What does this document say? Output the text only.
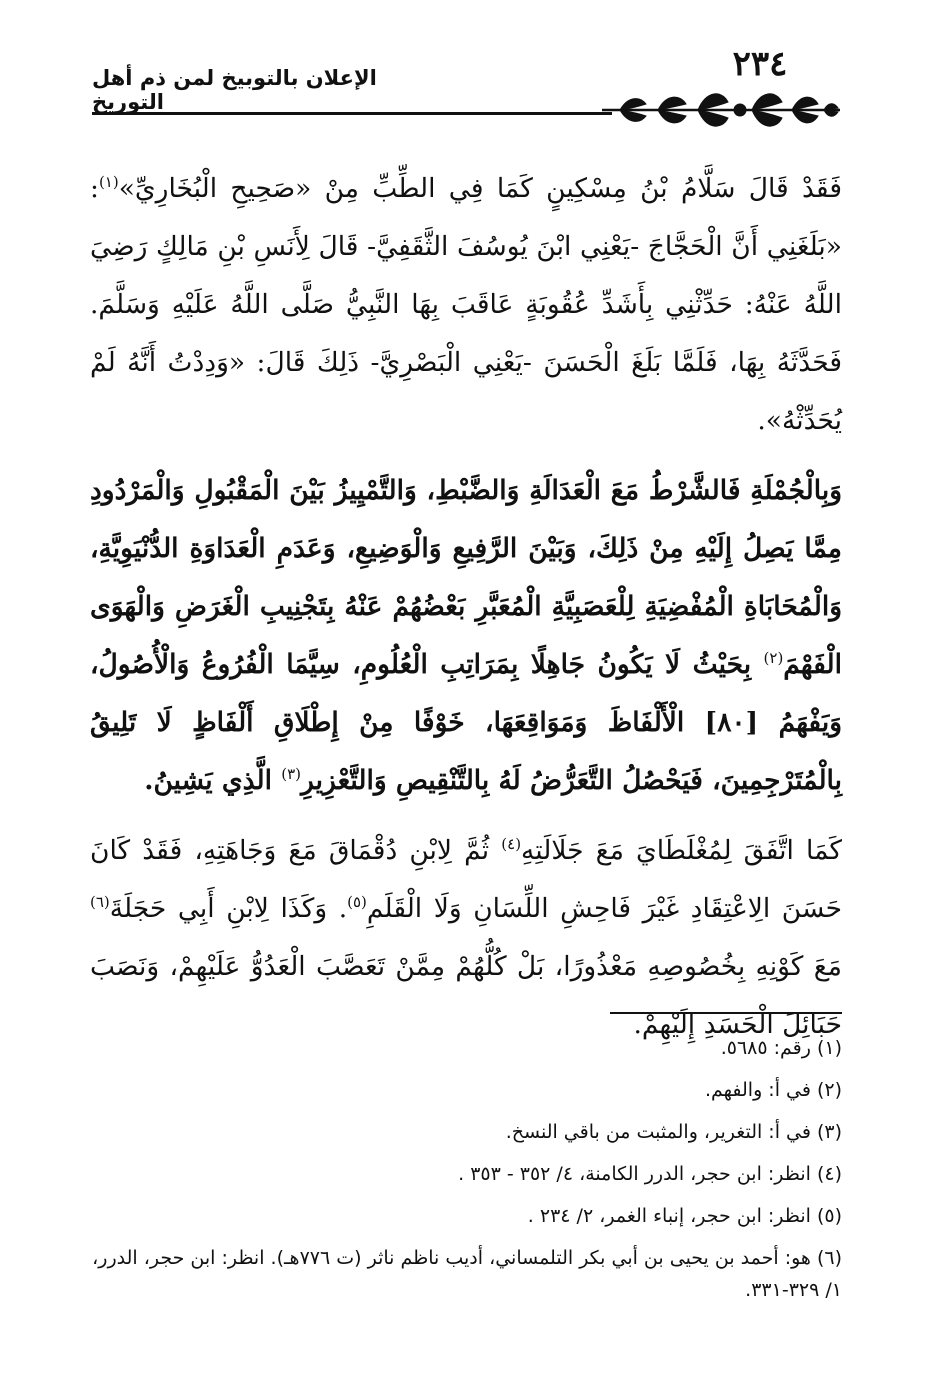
٢٣٤
الإعلان بالتوبيخ لمن ذم أهل التوريخ

فَقَدْ قَالَ سَلَّامُ بْنُ مِسْكِينٍ كَمَا فِي الطِّبِّ مِنْ «صَحِيحِ الْبُخَارِيِّ»$^{(١)}$: «بَلَغَنِي أَنَّ الْحَجَّاجَ -يَعْنِي ابْنَ يُوسُفَ الثَّقَفِيَّ- قَالَ لِأَنَسِ بْنِ مَالِكٍ رَضِيَ اللَّهُ عَنْهُ: حَدِّثْنِي بِأَشَدِّ عُقُوبَةٍ عَاقَبَ بِهَا النَّبِيُّ صَلَّى اللَّهُ عَلَيْهِ وَسَلَّمَ. فَحَدَّثَهُ بِهَا، فَلَمَّا بَلَغَ الْحَسَنَ -يَعْنِي الْبَصْرِيَّ- ذَلِكَ قَالَ: «وَدِدْتُ أَنَّهُ لَمْ يُحَدِّثْهُ».

وَبِالْجُمْلَةِ فَالشَّرْطُ مَعَ الْعَدَالَةِ وَالضَّبْطِ، وَالتَّمْيِيزُ بَيْنَ الْمَقْبُولِ وَالْمَرْدُودِ مِمَّا يَصِلُ إِلَيْهِ مِنْ ذَلِكَ، وَبَيْنَ الرَّفِيعِ وَالْوَضِيعِ، وَعَدَمِ الْعَدَاوَةِ الدُّنْيَوِيَّةِ، وَالْمُحَابَاةِ الْمُفْضِيَةِ لِلْعَصَبِيَّةِ الْمُعَبَّرِ بَعْضُهُمْ عَنْهُ بِتَجْنِيبِ الْغَرَضِ وَالْهَوَى الْفَهْمَ$^{(٢)}$ بِحَيْثُ لَا يَكُونُ جَاهِلًا بِمَرَاتِبِ الْعُلُومِ، سِيَّمَا الْفُرُوعُ وَالْأُصُولُ، وَيَفْهَمُ [٨٠] الْأَلْفَاظَ وَمَوَاقِعَهَا، خَوْفًا مِنْ إِطْلَاقِ أَلْفَاظٍ لَا تَلِيقُ بِالْمُتَرْجِمِينَ، فَيَحْصُلُ التَّعَرُّضُ لَهُ بِالتَّنْقِيصِ وَالتَّعْزِيرِ$^{(٣)}$ الَّذِي يَشِينُ.

كَمَا اتَّفَقَ لِمُغْلَطَايَ مَعَ جَلَالَتِهِ$^{(٤)}$ ثُمَّ لِابْنِ دُقْمَاقَ مَعَ وَجَاهَتِهِ، فَقَدْ كَانَ حَسَنَ الِاعْتِقَادِ غَيْرَ فَاحِشِ اللِّسَانِ وَلَا الْقَلَمِ$^{(٥)}$. وَكَذَا لِابْنِ أَبِي حَجَلَةَ$^{(٦)}$ مَعَ كَوْنِهِ بِخُصُوصِهِ مَعْذُورًا، بَلْ كُلُّهُمْ مِمَّنْ تَعَصَّبَ الْعَدُوُّ عَلَيْهِمْ، وَنَصَبَ حَبَائِلَ الْحَسَدِ إِلَيْهِمْ.

(١)رقم: ٥٦٨٥.
(٢)في أ: والفهم.
(٣)في أ: التغرير، والمثبت من باقي النسخ.
(٤)انظر: ابن حجر، الدرر الكامنة، ٤/ ٣٥٢ - ٣٥٣ .
(٥)انظر: ابن حجر، إنباء الغمر، ٢/ ٢٣٤ .
(٦)هو: أحمد بن يحيى بن أبي بكر التلمساني، أديب ناظم ناثر (ت ٧٧٦هـ). انظر: ابن حجر، الدرر، ١/ ٣٢٩-٣٣١.
